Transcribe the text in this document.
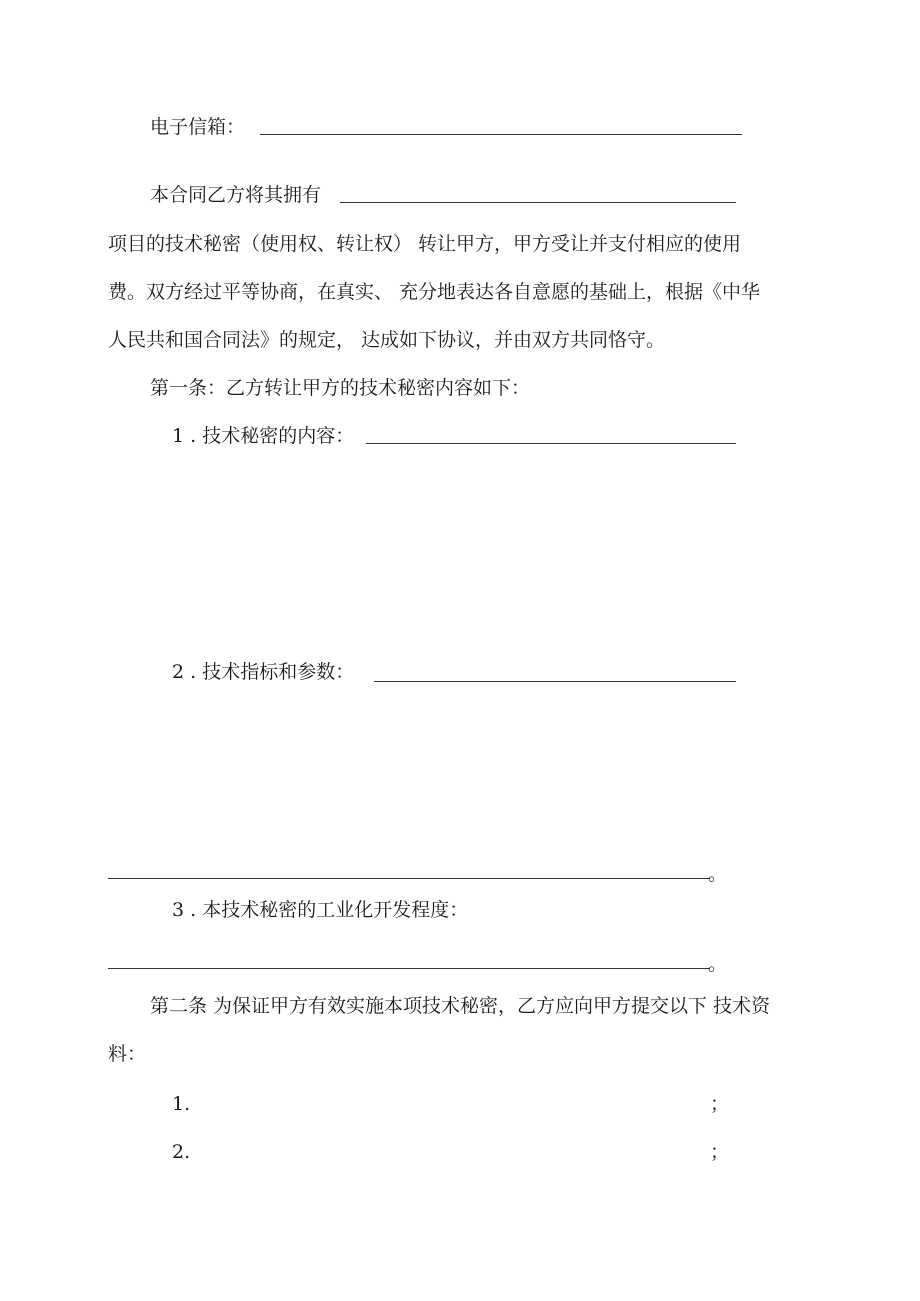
电子信箱：
本合同乙方将其拥有
项目的技术秘密（使用权、转让权） 转让甲方，甲方受让并支付相应的使用
费。双方经过平等协商，在真实、 充分地表达各自意愿的基础上，根据《中华
人民共和国合同法》的规定， 达成如下协议，并由双方共同恪守。
第一条：乙方转让甲方的技术秘密内容如下：
1 . 技术秘密的内容：
2 . 技术指标和参数：
。
3 . 本技术秘密的工业化开发程度：
。
第二条 为保证甲方有效实施本项技术秘密，乙方应向甲方提交以下 技术资
料：
1.	；
2.	；
